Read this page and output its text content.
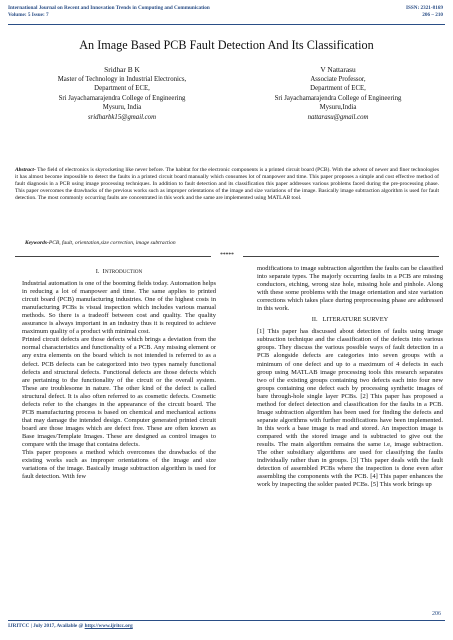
International Journal on Recent and Innovation Trends in Computing and Communication
Volume: 5 Issue: 7
ISSN: 2321-8169
206 – 210
An Image Based PCB Fault Detection And Its Classification
Sridhar B K
Master of Technology in Industrial Electronics,
Department of ECE,
Sri Jayachamarajendra College of Engineering
Mysuru, India
sridharbk15@gmail.com
V Nattarasu
Associate Professor,
Department of ECE,
Sri Jayachamarajendra College of Engineering
Mysuru,India
nattarasu@gmail.com
Abstract- The field of electronics is skyrocketing like never before. The habitat for the electronic components is a printed circuit board (PCB). With the advent of newer and finer technologies it has almost become impossible to detect the faults in a printed circuit board manually which consumes lot of manpower and time. This paper proposes a simple and cost effective method of fault diagnosis in a PCB using image processing techniques. In addition to fault detection and its classification this paper addresses various problems faced during the pre-processing phase. This paper overcomes the drawbacks of the previous works such as improper orientations of the image and size variations of the image. Basically image subtraction algorithm is used for fault detection. The most commonly occurring faults are concentrated in this work and the same are implemented using MATLAB tool.
Keywords-PCB, fault, orientation,size correction, image subtraction
*****
I. INTRODUCTION

Industrial automation is one of the booming fields today. Automation helps in reducing a lot of manpower and time. The same applies to printed circuit board (PCB) manufacturing industries. One of the highest costs in manufacturing PCBs is visual inspection which includes various manual methods. So there is a tradeoff between cost and quality. The quality assurance is always important in an industry thus it is required to achieve maximum quality of a product with minimal cost.

Printed circuit defects are those defects which brings a deviation from the normal characteristics and functionality of a PCB. Any missing element or any extra elements on the board which is not intended is referred to as a defect. PCB defects can be categorized into two types namely functional defects and structural defects. Functional defects are those defects which are pertaining to the functionality of the circuit or the overall system. These are troublesome in nature. The other kind of the defect is called structural defect. It is also often referred to as cosmetic defects. Cosmetic defects refer to the changes in the appearance of the circuit board. The PCB manufacturing process is based on chemical and mechanical actions that may damage the intended design. Computer generated printed circuit board are those images which are defect free. These are often known as Base images/Template Images. These are designed as control images to compare with the image that contains defects.

This paper proposes a method which overcomes the drawbacks of the existing works such as improper orientations of the image and size variations of the image. Basically image subtraction algorithm is used for fault detection. With few

modifications to image subtraction algorithm the faults can be classified into separate types. The majorly occurring faults in a PCB are missing conductors, etching, wrong size hole, missing hole and pinhole. Along with these some problems with the image orientation and size variation corrections which takes place during preprocessing phase are addressed in this work.

II. LITERATURE SURVEY

[1] This paper has discussed about detection of faults using image subtraction technique and the classification of the defects into various groups. They discuss the various possible ways of fault detection in a PCB alongside defects are categories into seven groups with a minimum of one defect and up to a maximum of 4 defects in each group using MATLAB image processing tools this research separates two of the existing groups containing two defects each into four new groups containing one defect each by processing synthetic images of bare through-hole single layer PCBs. [2] This paper has proposed a method for defect detection and classification for the faults in a PCB. Image subtraction algorithm has been used for finding the defects and separate algorithms with further modifications have been implemented. In this work a base image is read and stored. An inspection image is compared with the stored image and is subtracted to give out the results. The main algorithm remains the same i.e, image subtraction. The other subsidiary algorithms are used for classifying the faults individually rather than in groups. [3] This paper deals with the fault detection of assembled PCBs where the inspection is done even after assembling the components with the PCB. [4] This paper enhances the work by inspecting the solder pasted PCBs. [5] This work brings up

206
IJRITCC | July 2017, Available @ http://www.ijritcc.org
